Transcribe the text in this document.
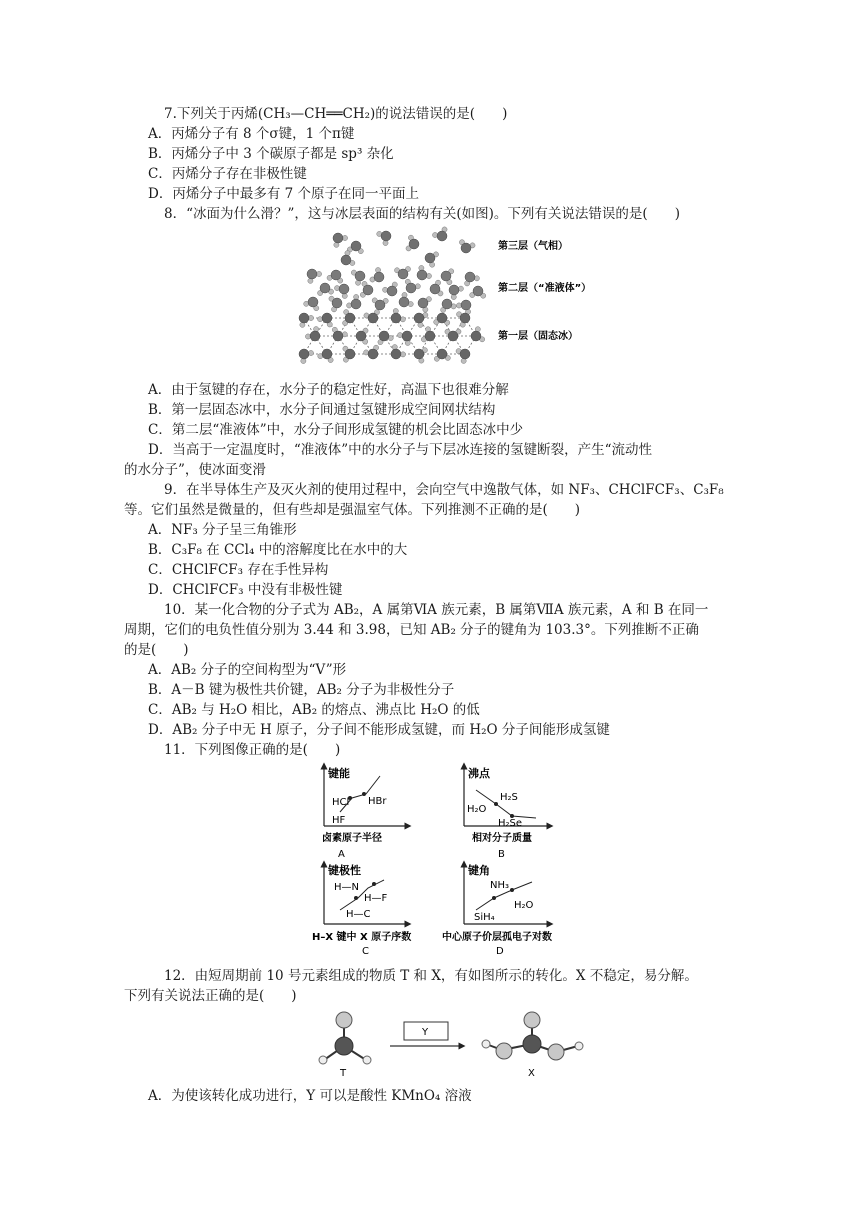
7.下列关于丙烯(CH₃—CH══CH₂)的说法错误的是(　　)
A．丙烯分子有 8 个σ键，1 个π键
B．丙烯分子中 3 个碳原子都是 sp³ 杂化
C．丙烯分子存在非极性键
D．丙烯分子中最多有 7 个原子在同一平面上
8．“冰面为什么滑？”，这与冰层表面的结构有关(如图)。下列有关说法错误的是(　　)
第三层（气相）
第二层（“准液体”）
第一层（固态冰）
A．由于氢键的存在，水分子的稳定性好，高温下也很难分解
B．第一层固态冰中，水分子间通过氢键形成空间网状结构
C．第二层“准液体”中，水分子间形成氢键的机会比固态冰中少
D．当高于一定温度时，“准液体”中的水分子与下层冰连接的氢键断裂，产生“流动性
的水分子”，使冰面变滑
9．在半导体生产及灭火剂的使用过程中，会向空气中逸散气体，如 NF₃、CHClFCF₃、C₃F₈
等。它们虽然是微量的，但有些却是强温室气体。下列推测不正确的是(　　)
A．NF₃ 分子呈三角锥形
B．C₃F₈ 在 CCl₄ 中的溶解度比在水中的大
C．CHClFCF₃ 存在手性异构
D．CHClFCF₃ 中没有非极性键
10．某一化合物的分子式为 AB₂，A 属第ⅥA 族元素，B 属第ⅦA 族元素，A 和 B 在同一
周期，它们的电负性值分别为 3.44 和 3.98，已知 AB₂ 分子的键角为 103.3°。下列推断不正确
的是(　　)
A．AB₂ 分子的空间构型为“V”形
B．A－B 键为极性共价键，AB₂ 分子为非极性分子
C．AB₂ 与 H₂O 相比，AB₂ 的熔点、沸点比 H₂O 的低
D．AB₂ 分子中无 H 原子，分子间不能形成氢键，而 H₂O 分子间能形成氢键
11．下列图像正确的是(　　)
键能
HF
HCl HBr
卤素原子半径
A
沸点
H₂O
H₂S
H₂Se
相对分子质量
B
键极性
H—C
H—N
H—F
H–X 键中 X 原子序数
C
键角
SiH₄
NH₃
H₂O
中心原子价层孤电子对数
D
12．由短周期前 10 号元素组成的物质 T 和 X，有如图所示的转化。X 不稳定，易分解。
下列有关说法正确的是(　　)
T
Y
X
A．为使该转化成功进行，Y 可以是酸性 KMnO₄ 溶液
